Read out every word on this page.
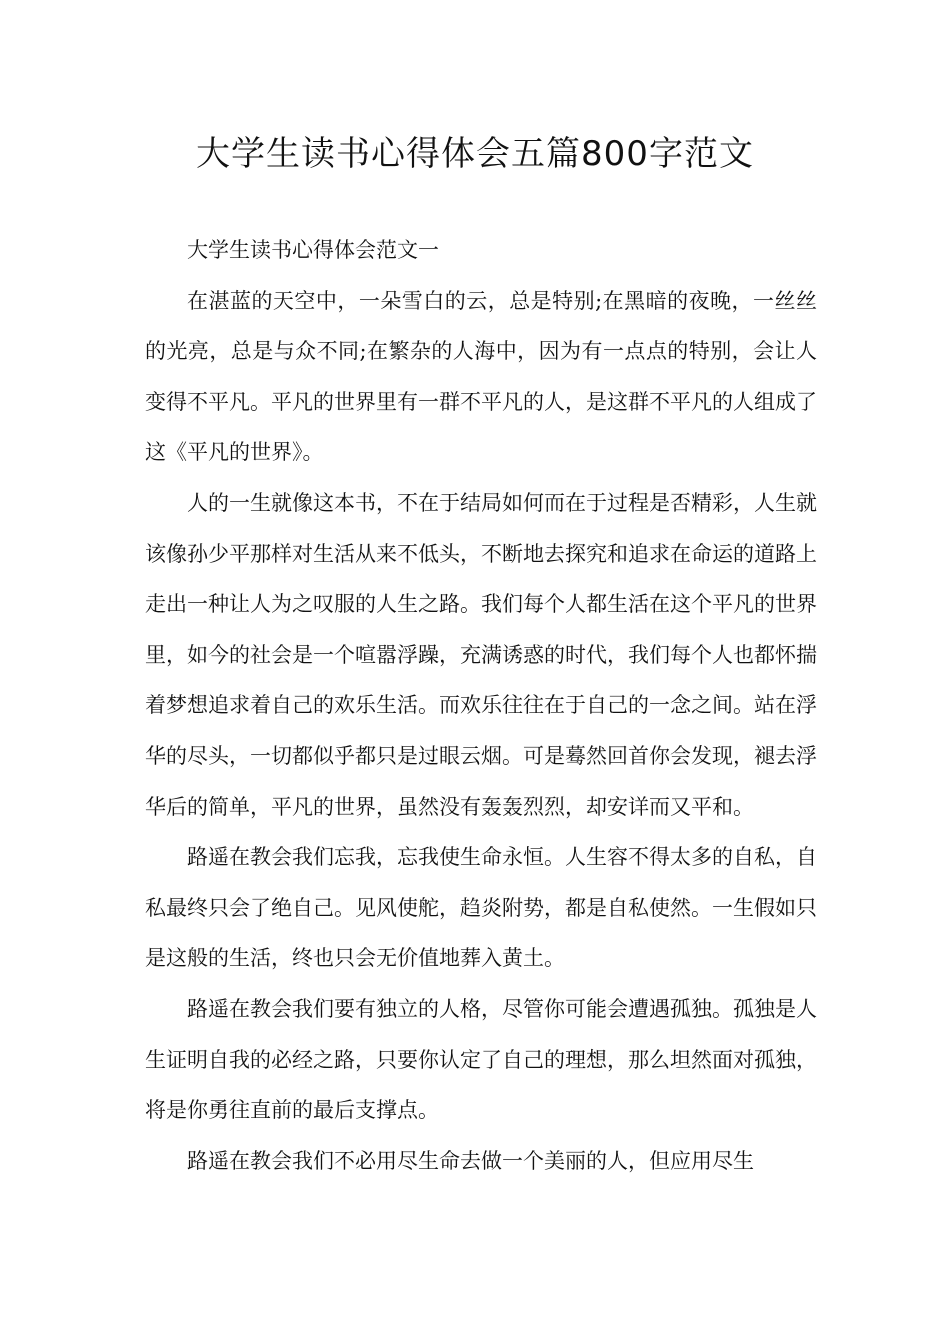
大学生读书心得体会五篇800字范文

大学生读书心得体会范文一

在湛蓝的天空中，一朵雪白的云，总是特别;在黑暗的夜晚，一丝丝的光亮，总是与众不同;在繁杂的人海中，因为有一点点的特别，会让人变得不平凡。平凡的世界里有一群不平凡的人，是这群不平凡的人组成了这《平凡的世界》。

人的一生就像这本书，不在于结局如何而在于过程是否精彩，人生就该像孙少平那样对生活从来不低头，不断地去探究和追求在命运的道路上走出一种让人为之叹服的人生之路。我们每个人都生活在这个平凡的世界里，如今的社会是一个喧嚣浮躁，充满诱惑的时代，我们每个人也都怀揣着梦想追求着自己的欢乐生活。而欢乐往往在于自己的一念之间。站在浮华的尽头，一切都似乎都只是过眼云烟。可是蓦然回首你会发现，褪去浮华后的简单，平凡的世界，虽然没有轰轰烈烈，却安详而又平和。

路遥在教会我们忘我，忘我使生命永恒。人生容不得太多的自私，自私最终只会了绝自己。见风使舵，趋炎附势，都是自私使然。一生假如只是这般的生活，终也只会无价值地葬入黄土。

路遥在教会我们要有独立的人格，尽管你可能会遭遇孤独。孤独是人生证明自我的必经之路，只要你认定了自己的理想，那么坦然面对孤独，将是你勇往直前的最后支撑点。

路遥在教会我们不必用尽生命去做一个美丽的人，但应用尽生
